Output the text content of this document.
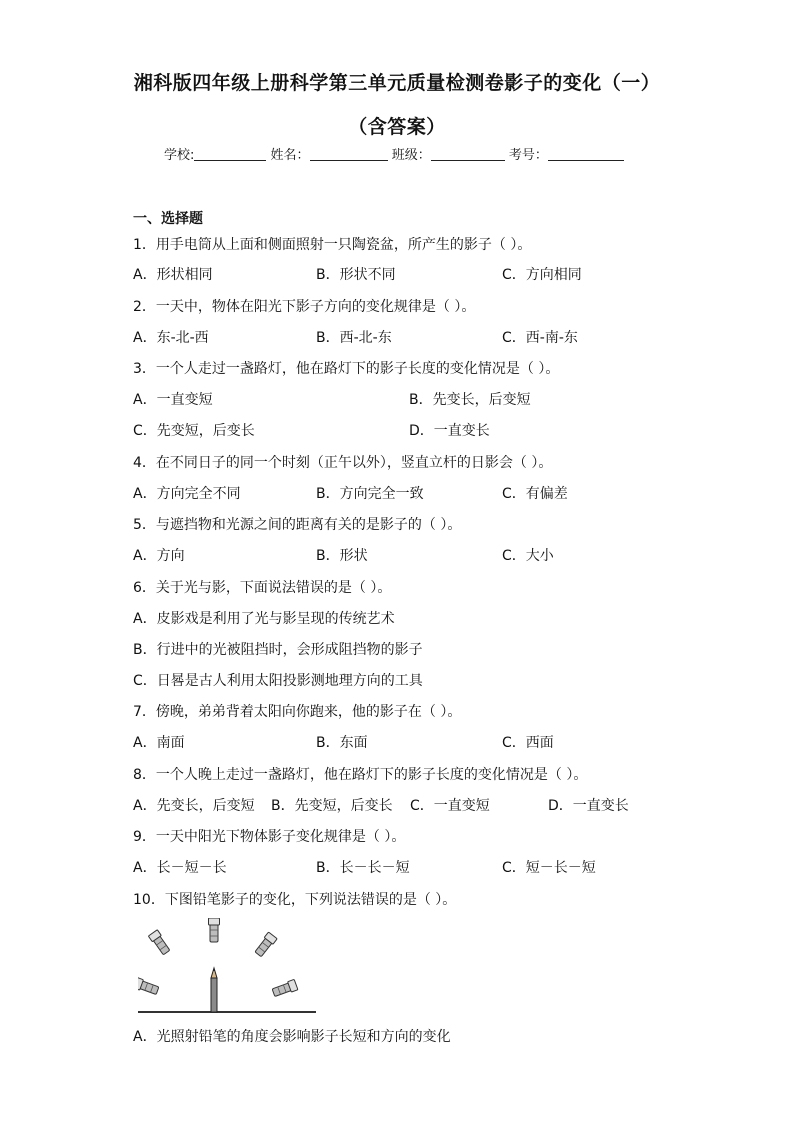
湘科版四年级上册科学第三单元质量检测卷影子的变化（一）
（含答案）
学校:	姓名：	班级：	考号：
一、选择题
1．用手电筒从上面和侧面照射一只陶瓷盆，所产生的影子（ ）。
A．形状相同	B．形状不同	C．方向相同
2．一天中，物体在阳光下影子方向的变化规律是（ ）。
A．东-北-西	B．西-北-东	C．西-南-东
3．一个人走过一盏路灯，他在路灯下的影子长度的变化情况是（ ）。
A．一直变短	B．先变长，后变短
C．先变短，后变长	D．一直变长
4．在不同日子的同一个时刻（正午以外），竖直立杆的日影会（ ）。
A．方向完全不同	B．方向完全一致	C．有偏差
5．与遮挡物和光源之间的距离有关的是影子的（ ）。
A．方向	B．形状	C．大小
6．关于光与影，下面说法错误的是（ ）。
A．皮影戏是利用了光与影呈现的传统艺术
B．行进中的光被阻挡时，会形成阻挡物的影子
C．日晷是古人利用太阳投影测地理方向的工具
7．傍晚，弟弟背着太阳向你跑来，他的影子在（ ）。
A．南面	B．东面	C．西面
8．一个人晚上走过一盏路灯，他在路灯下的影子长度的变化情况是（ ）。
A．先变长，后变短 B．先变短，后变长 C．一直变短	D．一直变长
9．一天中阳光下物体影子变化规律是（ ）。
A．长－短－长	B．长－长－短	C．短－长－短
10．下图铅笔影子的变化，下列说法错误的是（ ）。
A．光照射铅笔的角度会影响影子长短和方向的变化
